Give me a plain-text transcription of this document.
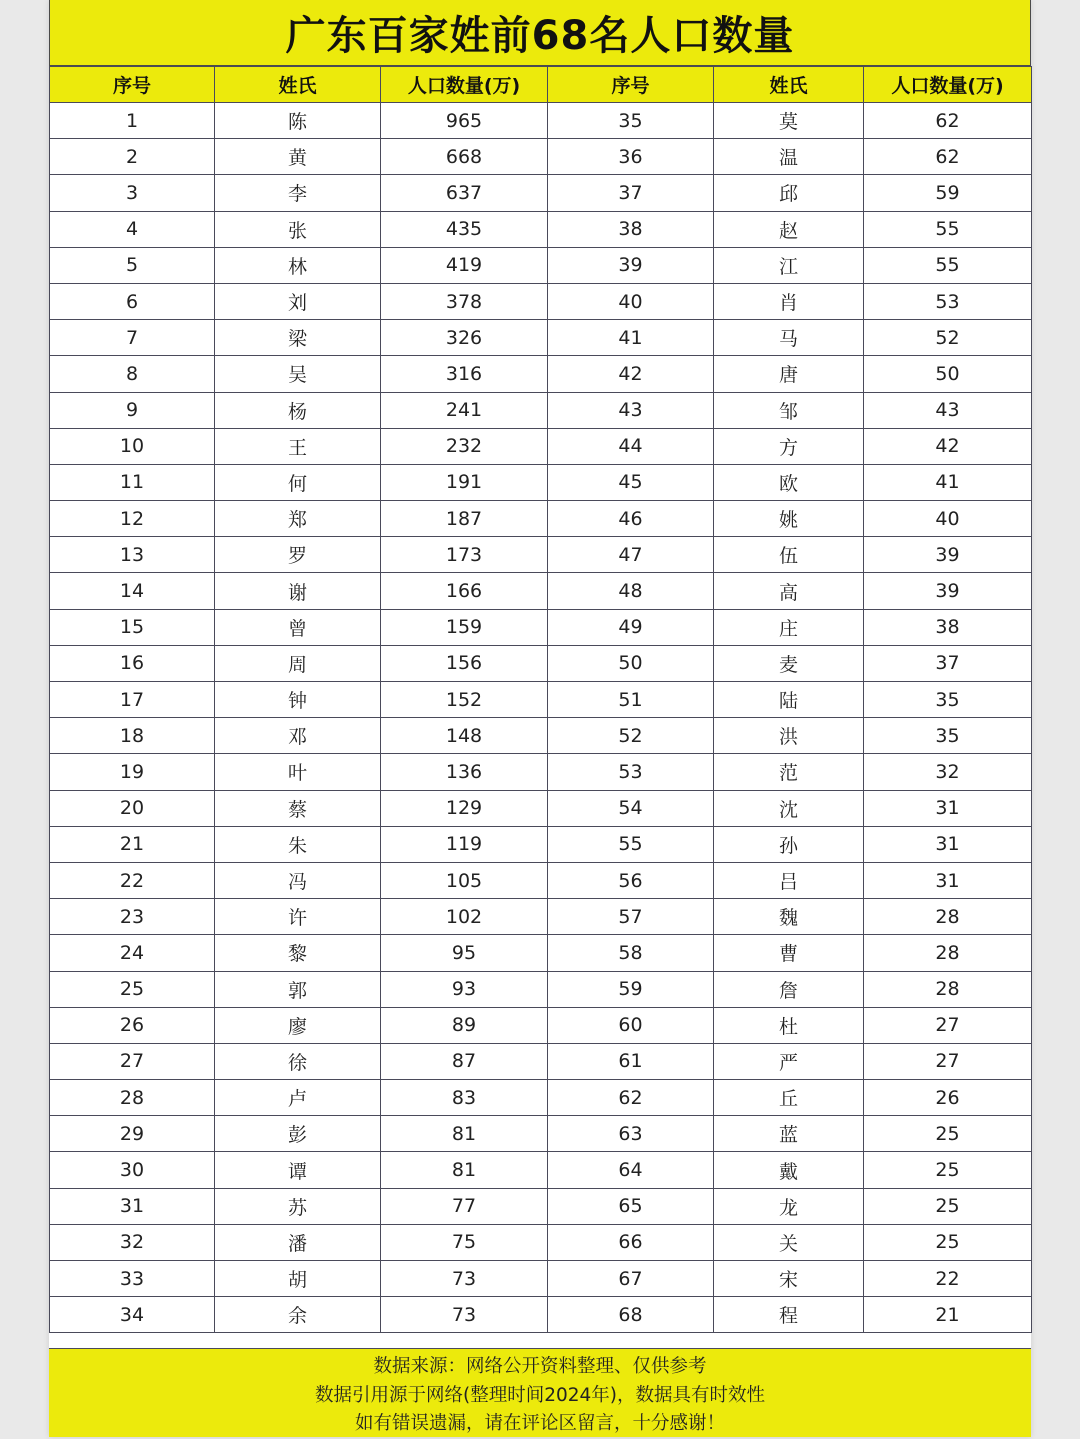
广东百家姓前68名人口数量
序号	姓氏	人口数量(万)	序号	姓氏	人口数量(万)
1	陈	965	35	莫	62
2	黄	668	36	温	62
3	李	637	37	邱	59
4	张	435	38	赵	55
5	林	419	39	江	55
6	刘	378	40	肖	53
7	梁	326	41	马	52
8	吴	316	42	唐	50
9	杨	241	43	邹	43
10	王	232	44	方	42
11	何	191	45	欧	41
12	郑	187	46	姚	40
13	罗	173	47	伍	39
14	谢	166	48	高	39
15	曾	159	49	庄	38
16	周	156	50	麦	37
17	钟	152	51	陆	35
18	邓	148	52	洪	35
19	叶	136	53	范	32
20	蔡	129	54	沈	31
21	朱	119	55	孙	31
22	冯	105	56	吕	31
23	许	102	57	魏	28
24	黎	95	58	曹	28
25	郭	93	59	詹	28
26	廖	89	60	杜	27
27	徐	87	61	严	27
28	卢	83	62	丘	26
29	彭	81	63	蓝	25
30	谭	81	64	戴	25
31	苏	77	65	龙	25
32	潘	75	66	关	25
33	胡	73	67	宋	22
34	余	73	68	程	21
数据来源：网络公开资料整理、仅供参考
数据引用源于网络(整理时间2024年)，数据具有时效性
如有错误遗漏，请在评论区留言，十分感谢！
